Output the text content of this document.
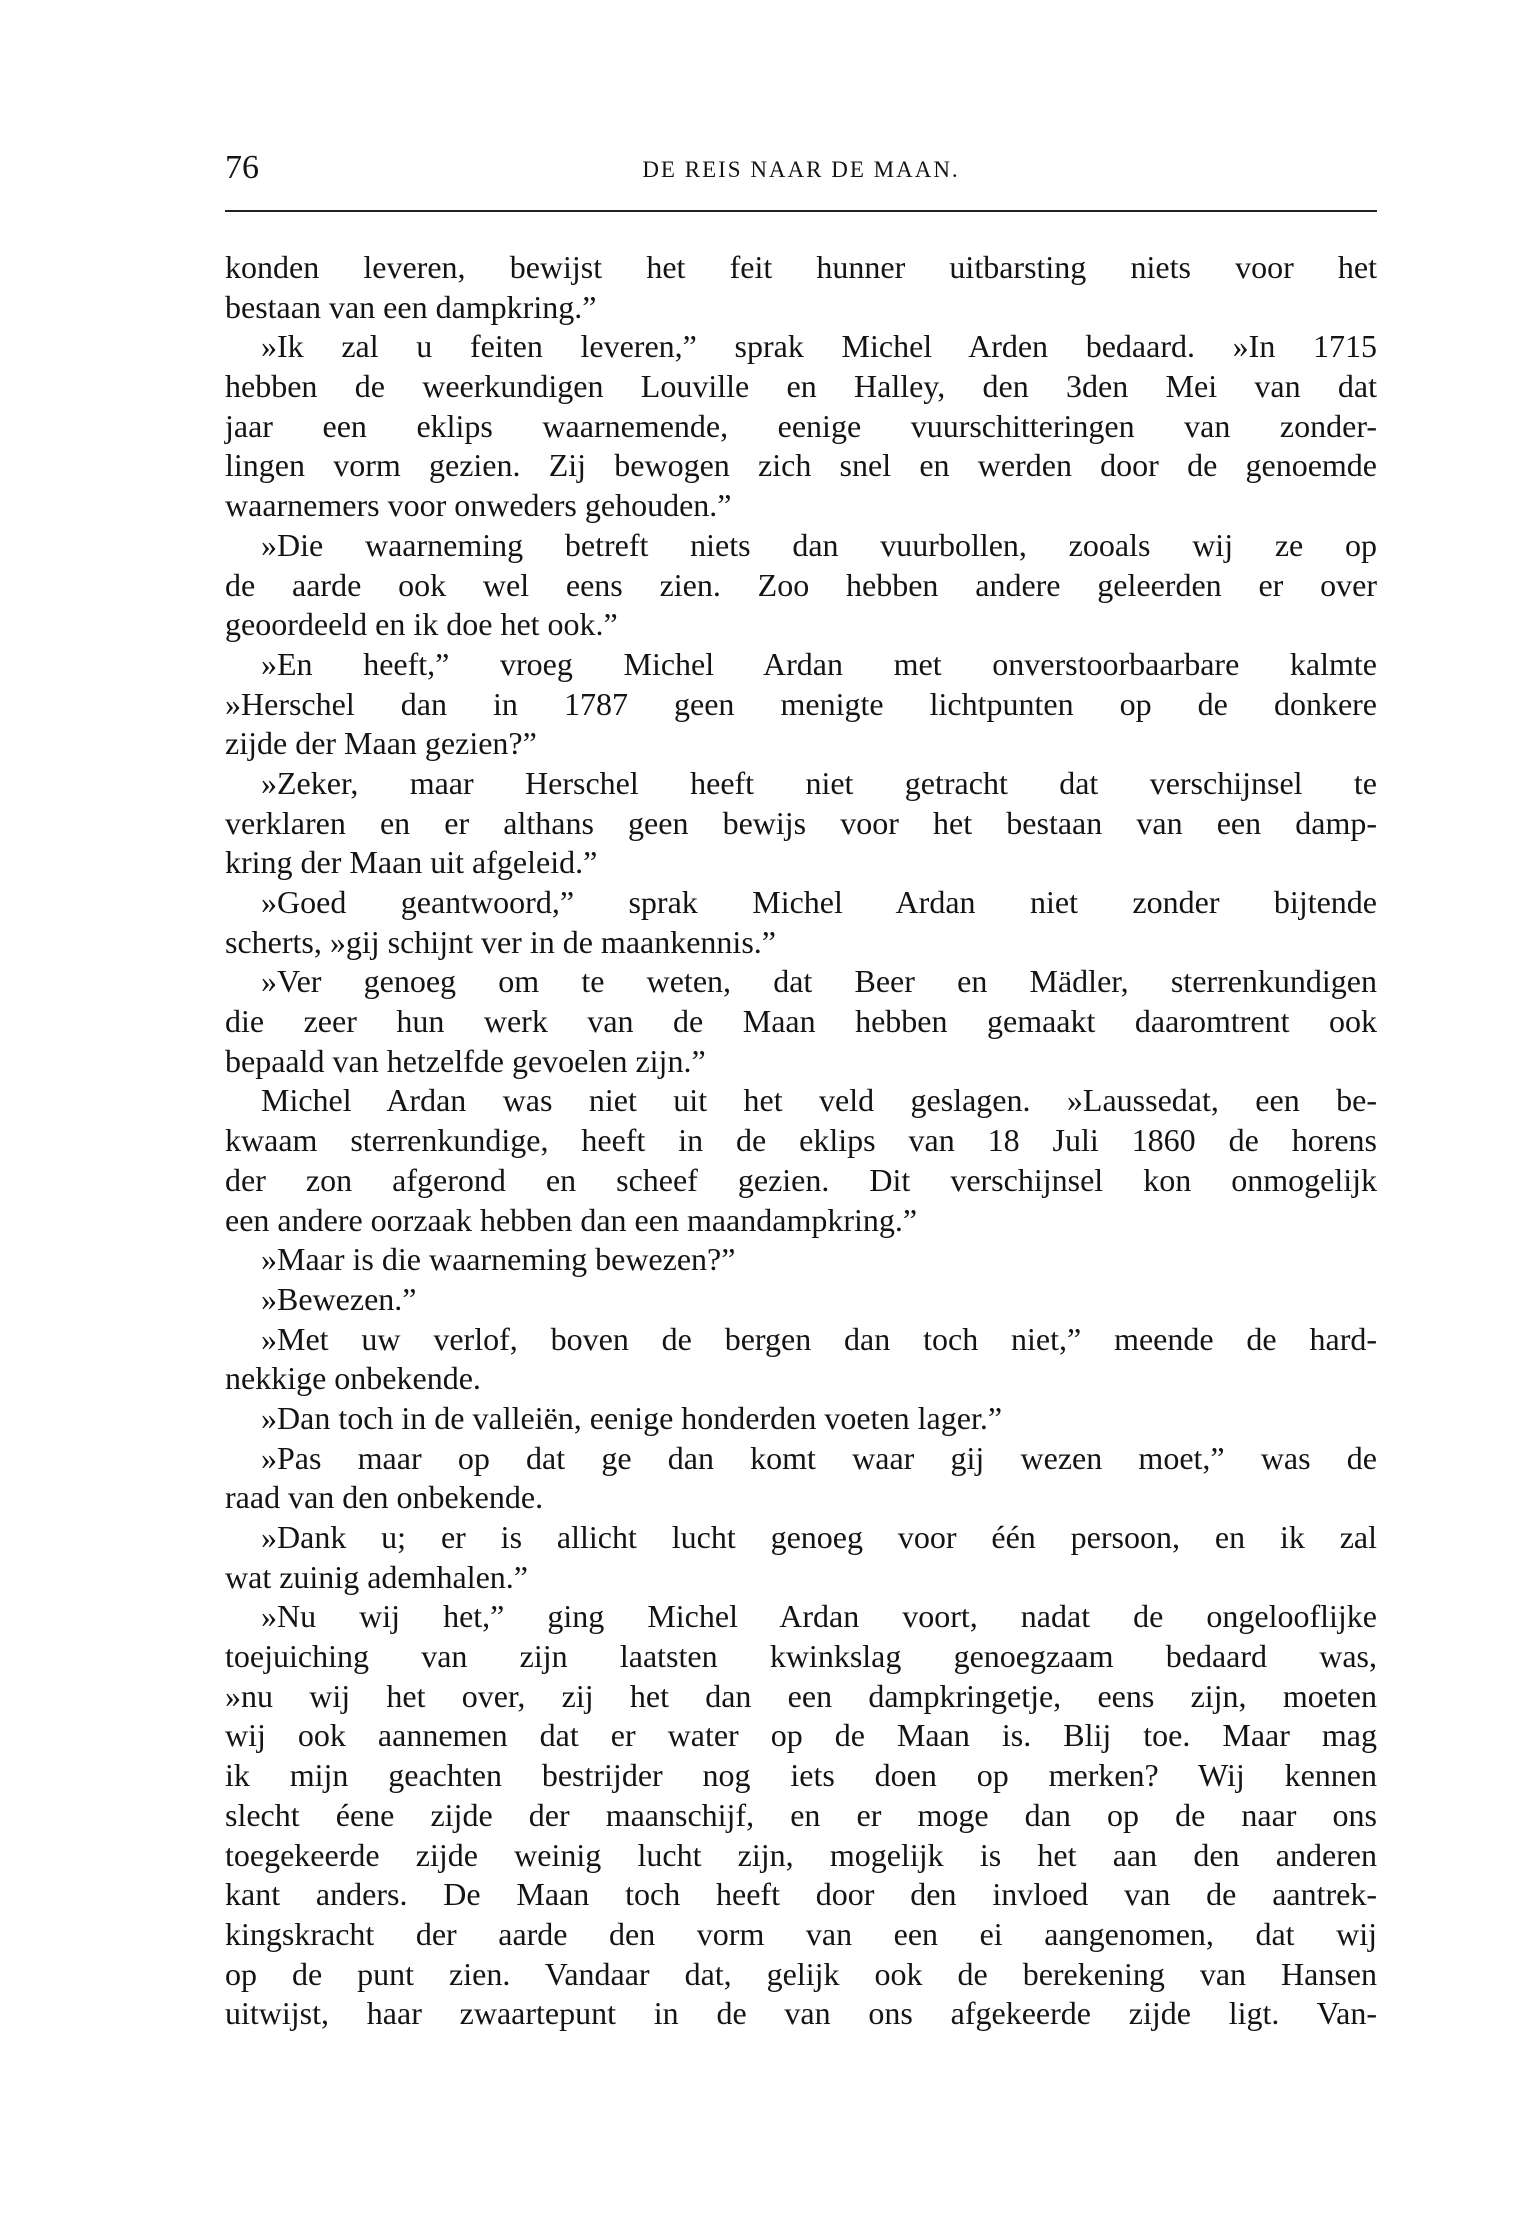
76	DE REIS NAAR DE MAAN.
konden leveren, bewijst het feit hunner uitbarsting niets voor het
bestaan van een dampkring.”
»Ik zal u feiten leveren,” sprak Michel Arden bedaard. »In 1715
hebben de weerkundigen Louville en Halley, den 3den Mei van dat
jaar een eklips waarnemende, eenige vuurschitteringen van zonder-
lingen vorm gezien. Zij bewogen zich snel en werden door de genoemde
waarnemers voor onweders gehouden.”
»Die waarneming betreft niets dan vuurbollen, zooals wij ze op
de aarde ook wel eens zien. Zoo hebben andere geleerden er over
geoordeeld en ik doe het ook.”
»En heeft,” vroeg Michel Ardan met onverstoorbaarbare kalmte
»Herschel dan in 1787 geen menigte lichtpunten op de donkere
zijde der Maan gezien?”
»Zeker, maar Herschel heeft niet getracht dat verschijnsel te
verklaren en er althans geen bewijs voor het bestaan van een damp-
kring der Maan uit afgeleid.”
»Goed geantwoord,” sprak Michel Ardan niet zonder bijtende
scherts, »gij schijnt ver in de maankennis.”
»Ver genoeg om te weten, dat Beer en Mädler, sterrenkundigen
die zeer hun werk van de Maan hebben gemaakt daaromtrent ook
bepaald van hetzelfde gevoelen zijn.”
Michel Ardan was niet uit het veld geslagen. »Laussedat, een be-
kwaam sterrenkundige, heeft in de eklips van 18 Juli 1860 de horens
der zon afgerond en scheef gezien. Dit verschijnsel kon onmogelijk
een andere oorzaak hebben dan een maandampkring.”
»Maar is die waarneming bewezen?”
»Bewezen.”
»Met uw verlof, boven de bergen dan toch niet,” meende de hard-
nekkige onbekende.
»Dan toch in de valleiën, eenige honderden voeten lager.”
»Pas maar op dat ge dan komt waar gij wezen moet,” was de
raad van den onbekende.
»Dank u; er is allicht lucht genoeg voor één persoon, en ik zal
wat zuinig ademhalen.”
»Nu wij het,” ging Michel Ardan voort, nadat de ongelooflijke
toejuiching van zijn laatsten kwinkslag genoegzaam bedaard was,
»nu wij het over, zij het dan een dampkringetje, eens zijn, moeten
wij ook aannemen dat er water op de Maan is. Blij toe. Maar mag
ik mijn geachten bestrijder nog iets doen op merken? Wij kennen
slecht éene zijde der maanschijf, en er moge dan op de naar ons
toegekeerde zijde weinig lucht zijn, mogelijk is het aan den anderen
kant anders. De Maan toch heeft door den invloed van de aantrek-
kingskracht der aarde den vorm van een ei aangenomen, dat wij
op de punt zien. Vandaar dat, gelijk ook de berekening van Hansen
uitwijst, haar zwaartepunt in de van ons afgekeerde zijde ligt. Van-
